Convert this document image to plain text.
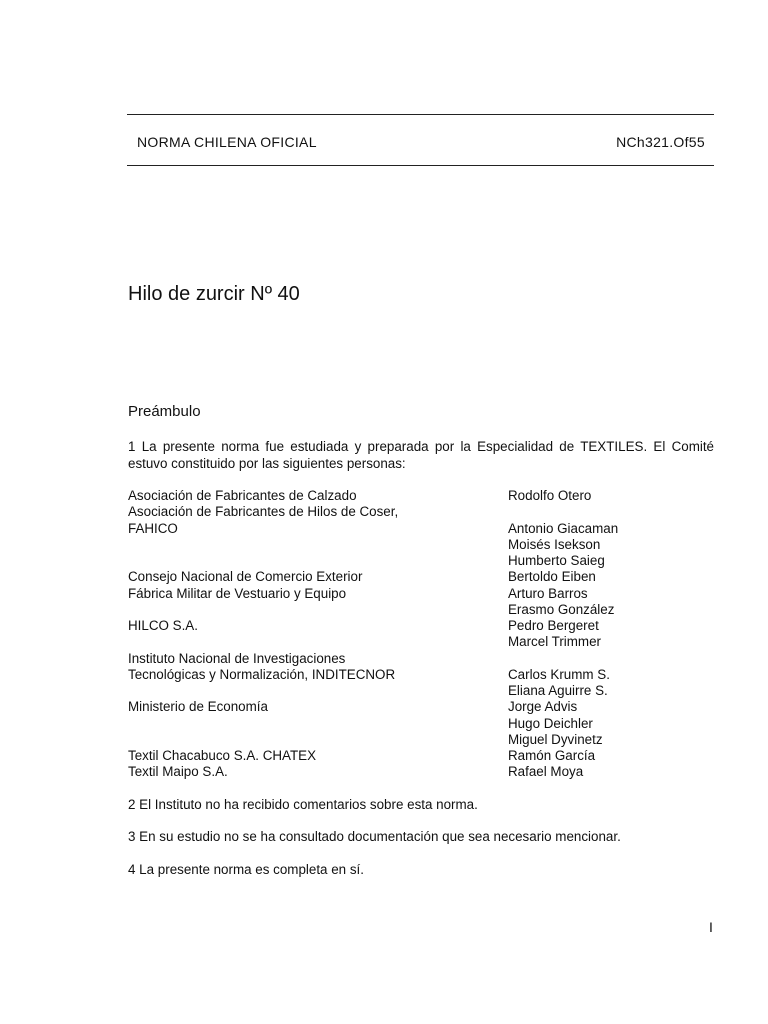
NORMA CHILENA OFICIAL	NCh321.Of55
Hilo de zurcir Nº 40
Preámbulo
1 La presente norma fue estudiada y preparada por la Especialidad de TEXTILES. El Comité estuvo constituido por las siguientes personas:
Asociación de Fabricantes de Calzado	Rodolfo Otero
Asociación de Fabricantes de Hilos de Coser,
FAHICO	Antonio Giacaman
Moisés Isekson
Humberto Saieg
Consejo Nacional de Comercio Exterior	Bertoldo Eiben
Fábrica Militar de Vestuario y Equipo	Arturo Barros
Erasmo González
HILCO S.A.	Pedro Bergeret
Marcel Trimmer
Instituto Nacional de Investigaciones
Tecnológicas y Normalización, INDITECNOR	Carlos Krumm S.
Eliana Aguirre S.
Ministerio de Economía	Jorge Advis
Hugo Deichler
Miguel Dyvinetz
Textil Chacabuco S.A. CHATEX	Ramón García
Textil Maipo S.A.	Rafael Moya
2 El Instituto no ha recibido comentarios sobre esta norma.
3 En su estudio no se ha consultado documentación que sea necesario mencionar.
4 La presente norma es completa en sí.
I
